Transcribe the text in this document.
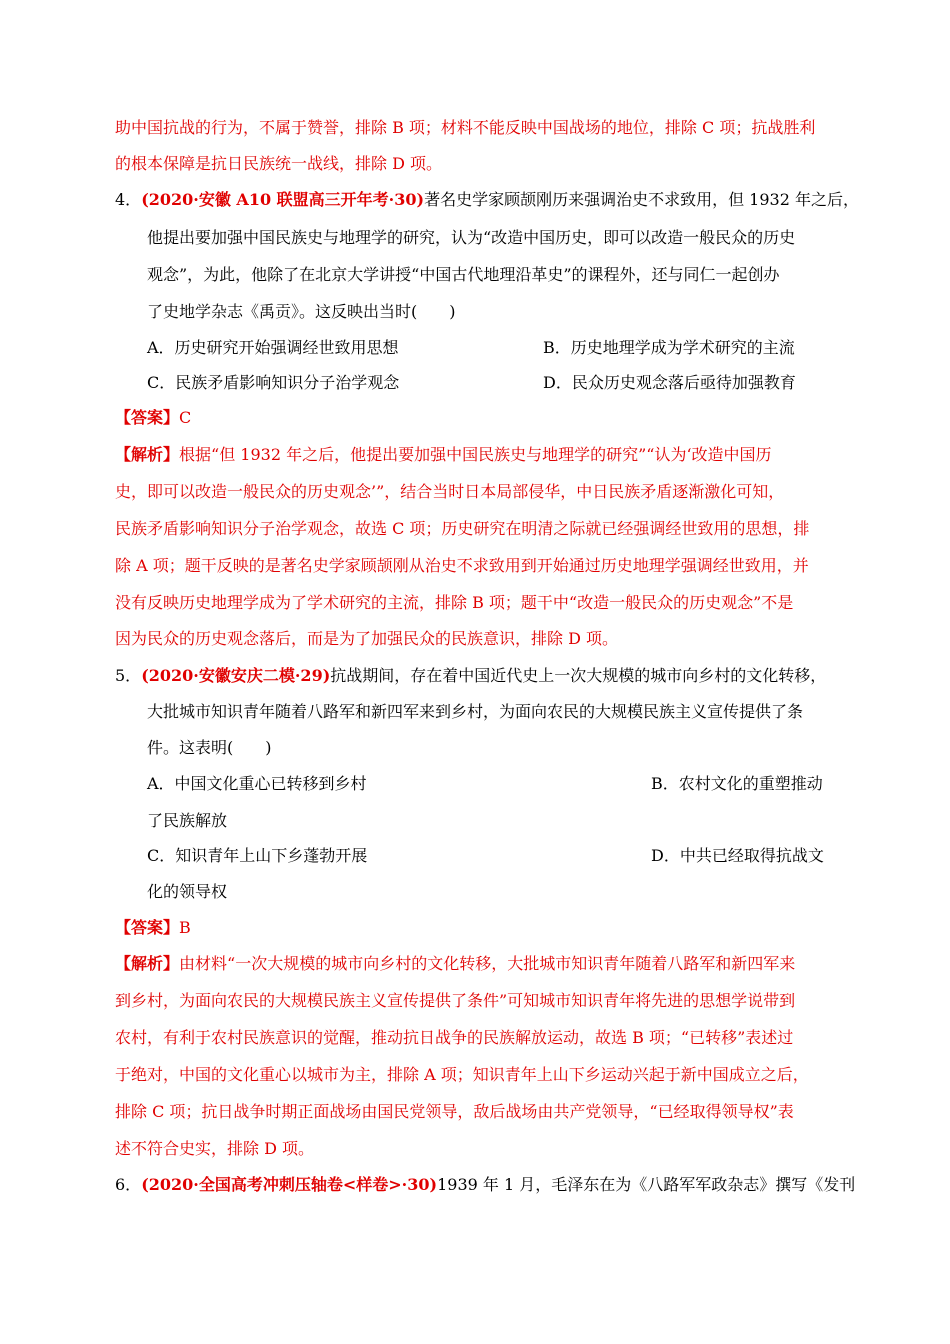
助中国抗战的行为，不属于赞誉，排除 B 项；材料不能反映中国战场的地位，排除 C 项；抗战胜利
的根本保障是抗日民族统一战线，排除 D 项。
4．(2020·安徽 A10 联盟高三开年考·30)著名史学家顾颉刚历来强调治史不求致用，但 1932 年之后，
他提出要加强中国民族史与地理学的研究，认为“改造中国历史，即可以改造一般民众的历史
观念”，为此，他除了在北京大学讲授“中国古代地理沿革史”的课程外，还与同仁一起创办
了史地学杂志《禹贡》。这反映出当时(　　)
A．历史研究开始强调经世致用思想	B．历史地理学成为学术研究的主流
C．民族矛盾影响知识分子治学观念	D．民众历史观念落后亟待加强教育
【答案】C
【解析】根据“但 1932 年之后，他提出要加强中国民族史与地理学的研究”“认为‘改造中国历
史，即可以改造一般民众的历史观念’”，结合当时日本局部侵华，中日民族矛盾逐渐激化可知，
民族矛盾影响知识分子治学观念，故选 C 项；历史研究在明清之际就已经强调经世致用的思想，排
除 A 项；题干反映的是著名史学家顾颉刚从治史不求致用到开始通过历史地理学强调经世致用，并
没有反映历史地理学成为了学术研究的主流，排除 B 项；题干中“改造一般民众的历史观念”不是
因为民众的历史观念落后，而是为了加强民众的民族意识，排除 D 项。
5．(2020·安徽安庆二模·29)抗战期间，存在着中国近代史上一次大规模的城市向乡村的文化转移，
大批城市知识青年随着八路军和新四军来到乡村，为面向农民的大规模民族主义宣传提供了条
件。这表明(　　)
A．中国文化重心已转移到乡村	B．农村文化的重塑推动
了民族解放
C．知识青年上山下乡蓬勃开展	D．中共已经取得抗战文
化的领导权
【答案】B
【解析】由材料“一次大规模的城市向乡村的文化转移，大批城市知识青年随着八路军和新四军来
到乡村，为面向农民的大规模民族主义宣传提供了条件”可知城市知识青年将先进的思想学说带到
农村，有利于农村民族意识的觉醒，推动抗日战争的民族解放运动，故选 B 项；“已转移”表述过
于绝对，中国的文化重心以城市为主，排除 A 项；知识青年上山下乡运动兴起于新中国成立之后，
排除 C 项；抗日战争时期正面战场由国民党领导，敌后战场由共产党领导，“已经取得领导权”表
述不符合史实，排除 D 项。
6．(2020·全国高考冲刺压轴卷<样卷>·30)1939 年 1 月，毛泽东在为《八路军军政杂志》撰写《发刊
